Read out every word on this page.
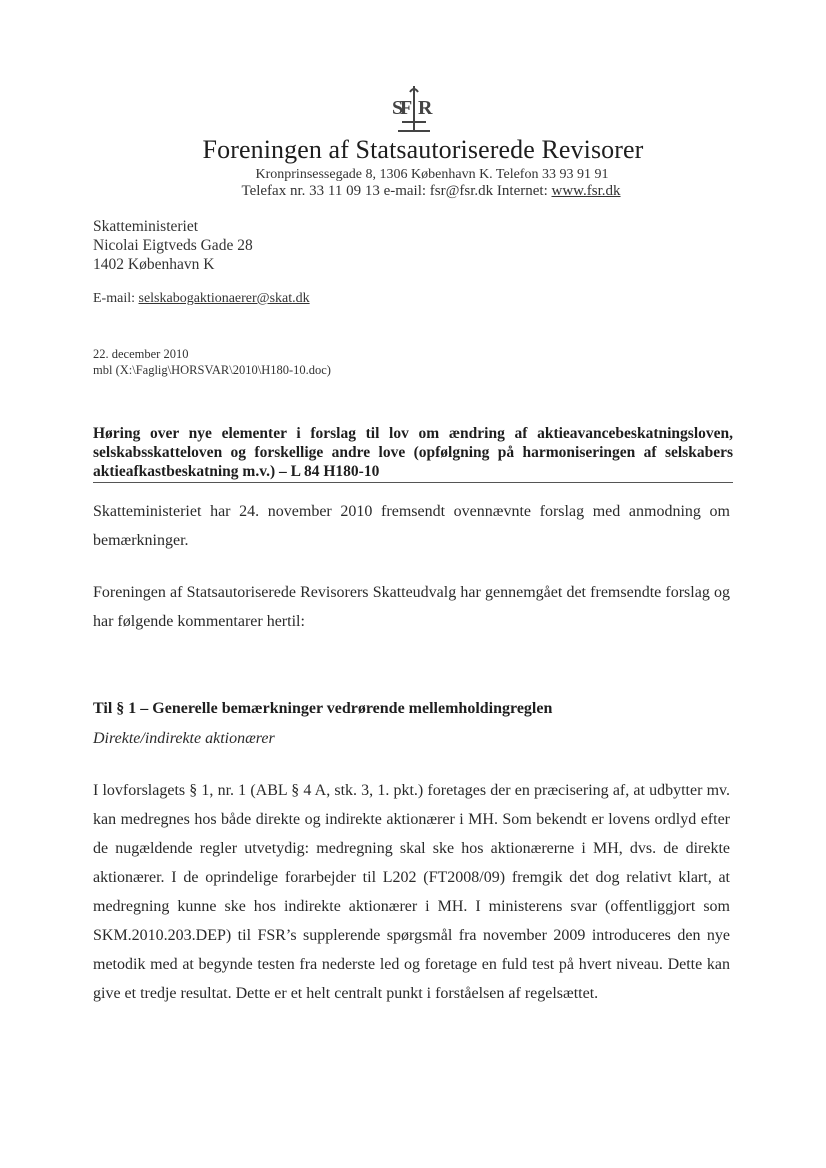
S
F R
Foreningen af Statsautoriserede Revisorer
Kronprinsessegade 8, 1306 København K. Telefon 33 93 91 91
Telefax nr. 33 11 09 13 e-mail: fsr@fsr.dk Internet: www.fsr.dk
Skatteministeriet
Nicolai Eigtveds Gade 28
1402 København K
E-mail: selskabogaktionaerer@skat.dk
22. december 2010
mbl (X:\Faglig\HORSVAR\2010\H180-10.doc)
Høring over nye elementer i forslag til lov om ændring af aktieavancebeskatningsloven, selskabsskatteloven og forskellige andre love (opfølgning på harmoniseringen af selskabers aktieafkastbeskatning m.v.) – L 84 H180-10
Skatteministeriet har 24. november 2010 fremsendt ovennævnte forslag med anmodning om bemærkninger.
Foreningen af Statsautoriserede Revisorers Skatteudvalg har gennemgået det fremsendte forslag og har følgende kommentarer hertil:
Til § 1 – Generelle bemærkninger vedrørende mellemholdingreglen
Direkte/indirekte aktionærer
I lovforslagets § 1, nr. 1 (ABL § 4 A, stk. 3, 1. pkt.) foretages der en præcisering af, at udbytter mv. kan medregnes hos både direkte og indirekte aktionærer i MH. Som bekendt er lovens ordlyd efter de nugældende regler utvetydig: medregning skal ske hos aktionærerne i MH, dvs. de direkte aktionærer. I de oprindelige forarbejder til L202 (FT2008/09) fremgik det dog relativt klart, at medregning kunne ske hos indirekte aktionærer i MH. I ministerens svar (offentliggjort som SKM.2010.203.DEP) til FSR’s supplerende spørgsmål fra november 2009 introduceres den nye metodik med at begynde testen fra nederste led og foretage en fuld test på hvert niveau. Dette kan give et tredje resultat. Dette er et helt centralt punkt i forståelsen af regelsættet.
